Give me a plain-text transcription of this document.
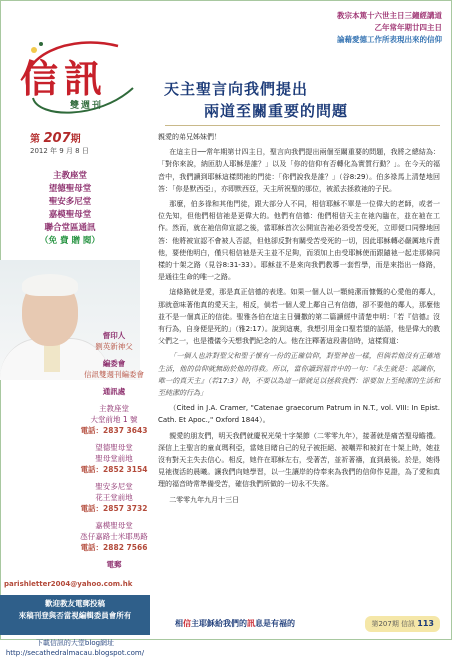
教宗本篤十六世主日三鐘經講道
乙年常年期廿四主日
論藉愛德工作所表現出來的信仰
信訊
雙週刊
天主聖言向我們提出
兩道至關重要的問題
第 207期
2012 年 9 月 8 日
主教座堂
望德聖母堂
聖安多尼堂
嘉模聖母堂
聯合堂區通訊
（免 費 贈 閱）
督印人
劉英新神父
編委會
信訊雙週刊編委會
通訊處
主教座堂
大堂前地 1 號
電話：2837 3643
望德聖母堂
聖母堂前地
電話：2852 3154
聖安多尼堂
花王堂前地
電話：2857 3732
嘉模聖母堂
氹仔嘉路士米耶馬路
電話：2882 7566
電郵
parishletter2004@yahoo.com.hk
歡迎教友電郵投稿
來稿刊登與否當視編輯委員會所有
下載信訊的大堂blog網址
http://secathedralmacau.blogspot.com/

親愛的弟兄姊妹們！

在這主日──常年期第廿四主日，聖言向我們提出兩個至關重要的問題，我將之總結為：「對你來說，納匝肋人耶穌是誰？」以及「你的信仰有否轉化為實質行動？」。在今天的福音中，我們讀到耶穌這樣問祂的門徒：「你們說我是誰？」（谷8:29）。伯多祿馬上清楚地回答：「你是默西亞」，亦即默西亞，天主所祝聖的那位，被派去拯救祂的子民。

那麼，伯多祿和其他門徒，跟大部分人不同，相信耶穌不單是一位偉大的老師，或者一位先知，但他們相信祂是更偉大的。他們有信德：他們相信天主在祂內臨在，並在祂在工作。然而，就在祂信仰宣認之後，當耶穌首次公開宣告祂必須受苦受死，立即便口同聲地回答：他將被宣認不會被人否認，但他卻反對有關受苦受死的一切，因此耶穌轉必嚴厲地斥責他，要使他明白，僅只相信祂是天主並不足夠，而須加上由受耶穌使而跟隨祂一起走那條同樣的十架之路（見谷8:31-33）。耶穌並不是來向我們教導一套哲學，而是來指出一條路，是通往生命的唯一之路。

這條路就是愛，那是真正信德的表達。如果一個人以一顆純潔而慷慨的心愛他的鄰人，那就意味著他真的愛天主，相反，倘若一個人愛上鄰自己有信德，卻不要他的鄰人，那麼他並不是一個真正的信徒。聖雅各伯在這主日彌撒的第二篇讀經中清楚申明：「若『信德』沒有行為，自身便是死的」（雅2:17）。說到這裏，我想引用金口聖若望的話語，他是偉大的教父們之一，也是禮儀今天想我們紀念的人。他在注釋著這段書信時，這樣寫道：

「一個人也許對聖父和聖子懷有一份的正確信仰，對聖神也一樣，但倘若他沒有正確地生活，他的信仰就無助於他的得救。所以，當你讀到福音中的一句：『永生就是：認識你，唯一的真天主』（若17:3）時，不要以為這一節就足以拯救我們：卻要加上至純潔的生活和至純潔的行為」

（Cited in J.A. Cramer, "Catenae graecorum Patrum in N.T., vol. VIII: In Epist. Cath. Et Apoc.," Oxford 1844）。

親愛的朋友們，明天我們就慶祝光榮十字架節（二零零九年），接著就是痛苦聖母瞻禮。深信上主聖言的童貞瑪利亞，當她目睹自己的兒子被拒絕、被嘲弄和被釘在十架上時，她並沒有對天主失去信心。相反，她仵在耶穌左右，受著苦，並祈著禱，直到最後。於是，她得見祂復活的晨曦。讓我們向她學習，以一生讓岸的侍奉來為我們的信仰作見證，為了愛和真理的福音時常準備受苦，確信我們所做的一切永不失落。

二零零九年九月十三日

相信主耶穌給我們的訊息是有福的	第207期 信訊 113
